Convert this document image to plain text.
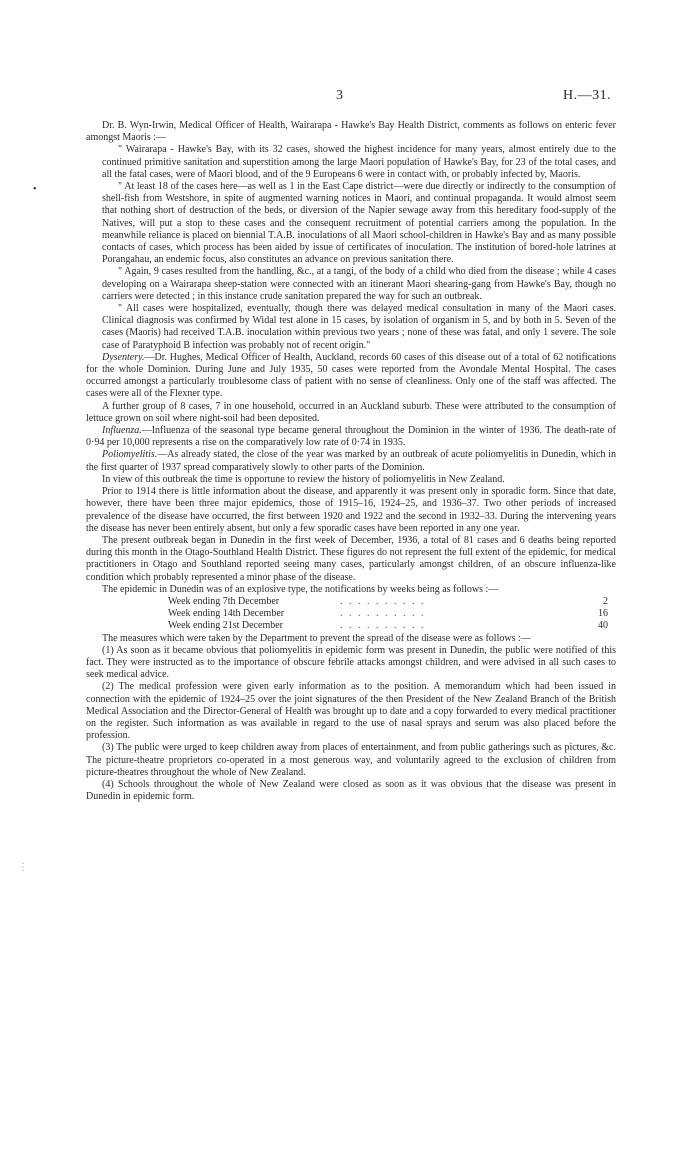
3	H.—31.
•
⋮

Dr. B. Wyn-Irwin, Medical Officer of Health, Wairarapa - Hawke's Bay Health District, comments as follows on enteric fever amongst Maoris :—

" Wairarapa - Hawke's Bay, with its 32 cases, showed the highest incidence for many years, almost entirely due to the continued primitive sanitation and superstition among the large Maori population of Hawke's Bay, for 23 of the total cases, and all the fatal cases, were of Maori blood, and of the 9 Europeans 6 were in contact with, or probably infected by, Maoris.

" At least 18 of the cases here—as well as 1 in the East Cape district—were due directly or indirectly to the consumption of shell-fish from Westshore, in spite of augmented warning notices in Maori, and continual propaganda. It would almost seem that nothing short of destruction of the beds, or diversion of the Napier sewage away from this hereditary food-supply of the Natives, will put a stop to these cases and the consequent recruitment of potential carriers among the population. In the meanwhile reliance is placed on biennial T.A.B. inoculations of all Maori school-children in Hawke's Bay and as many possible contacts of cases, which process has been aided by issue of certificates of inoculation. The institution of bored-hole latrines at Porangahau, an endemic focus, also constitutes an advance on previous sanitation there.

" Again, 9 cases resulted from the handling, &c., at a tangi, of the body of a child who died from the disease ; while 4 cases developing on a Wairarapa sheep-station were connected with an itinerant Maori shearing-gang from Hawke's Bay, though no carriers were detected ; in this instance crude sanitation prepared the way for such an outbreak.

" All cases were hospitalized, eventually, though there was delayed medical consultation in many of the Maori cases. Clinical diagnosis was confirmed by Widal test alone in 15 cases, by isolation of organism in 5, and by both in 5. Seven of the cases (Maoris) had received T.A.B. inoculation within previous two years ; none of these was fatal, and only 1 severe. The sole case of Paratyphoid B infection was probably not of recent origin."

Dysentery.—Dr. Hughes, Medical Officer of Health, Auckland, records 60 cases of this disease out of a total of 62 notifications for the whole Dominion. During June and July 1935, 50 cases were reported from the Avondale Mental Hospital. The cases occurred amongst a particularly troublesome class of patient with no sense of cleanliness. Only one of the staff was affected. The cases were all of the Flexner type.

A further group of 8 cases, 7 in one household, occurred in an Auckland suburb. These were attributed to the consumption of lettuce grown on soil where night-soil had been deposited.

Influenza.—Influenza of the seasonal type became general throughout the Dominion in the winter of 1936. The death-rate of 0·94 per 10,000 represents a rise on the comparatively low rate of 0·74 in 1935.

Poliomyelitis.—As already stated, the close of the year was marked by an outbreak of acute poliomyelitis in Dunedin, which in the first quarter of 1937 spread comparatively slowly to other parts of the Dominion.

In view of this outbreak the time is opportune to review the history of poliomyelitis in New Zealand.

Prior to 1914 there is little information about the disease, and apparently it was present only in sporadic form. Since that date, however, there have been three major epidemics, those of 1915–16, 1924–25, and 1936–37. Two other periods of increased prevalence of the disease have occurred, the first between 1920 and 1922 and the second in 1932–33. During the intervening years the disease has never been entirely absent, but only a few sporadic cases have been reported in any one year.

The present outbreak began in Dunedin in the first week of December, 1936, a total of 81 cases and 6 deaths being reported during this month in the Otago-Southland Health District. These figures do not represent the full extent of the epidemic, for medical practitioners in Otago and Southland reported seeing many cases, particularly amongst children, of an obscure influenza-like condition which probably represented a minor phase of the disease.

The epidemic in Dunedin was of an explosive type, the notifications by weeks being as follows :—

Week ending 7th December	. . . . . . . . . .	2
Week ending 14th December	. . . . . . . . . .	16
Week ending 21st December	. . . . . . . . . .	40

The measures which were taken by the Department to prevent the spread of the disease were as follows :—

(1) As soon as it became obvious that poliomyelitis in epidemic form was present in Dunedin, the public were notified of this fact. They were instructed as to the importance of obscure febrile attacks amongst children, and were advised in all such cases to seek medical advice.

(2) The medical profession were given early information as to the position. A memorandum which had been issued in connection with the epidemic of 1924–25 over the joint signatures of the then President of the New Zealand Branch of the British Medical Association and the Director-General of Health was brought up to date and a copy forwarded to every medical practitioner on the register. Such information as was available in regard to the use of nasal sprays and serum was also placed before the profession.

(3) The public were urged to keep children away from places of entertainment, and from public gatherings such as pictures, &c. The picture-theatre proprietors co-operated in a most generous way, and voluntarily agreed to the exclusion of children from picture-theatres throughout the whole of New Zealand.

(4) Schools throughout the whole of New Zealand were closed as soon as it was obvious that the disease was present in Dunedin in epidemic form.
